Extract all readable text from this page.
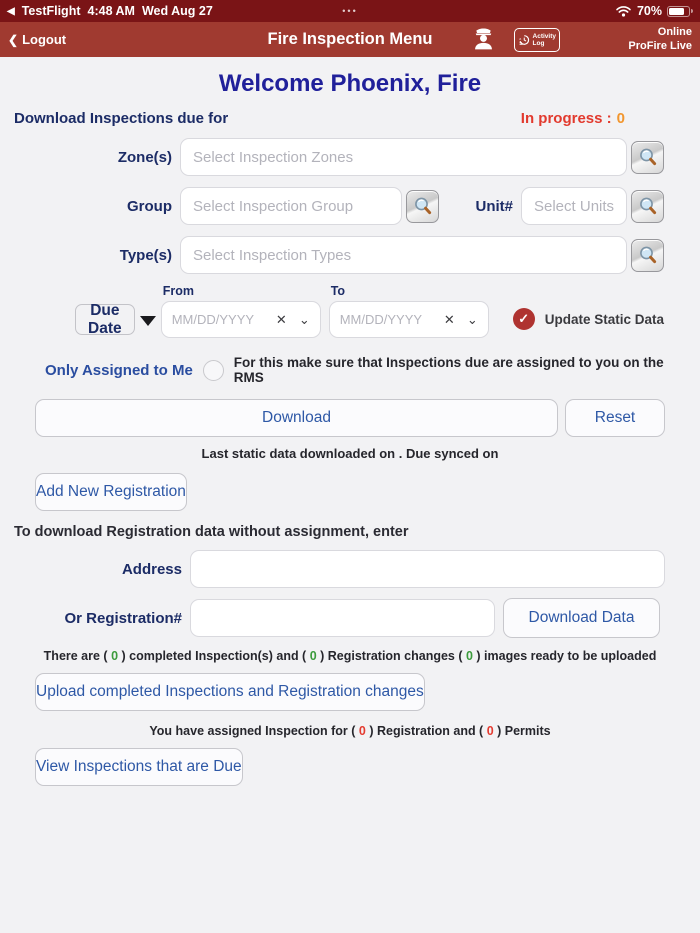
◀ TestFlight 4:48 AM Wed Aug 27	•••	70%
❮ Logout	Fire Inspection Menu	Activity
Log
Online
ProFire Live
Welcome Phoenix, Fire
Download Inspections due for	In progress : 0
Zone(s)
Select Inspection Zones
Group
Select Inspection Group	Unit#
Select Units
Type(s)
Select Inspection Types
Due Date
From
MM/DD/YYYY	✕ ⌄
To
MM/DD/YYYY	✕ ⌄	✓	Update Static Data
Only Assigned to Me	For this make sure that Inspections due are assigned to you on the RMS
Download	Reset
Last static data downloaded on . Due synced on
Add New Registration
To download Registration data without assignment, enter
Address
Or Registration#	Download Data
There are ( 0 ) completed Inspection(s) and ( 0 ) Registration changes ( 0 ) images ready to be uploaded
Upload completed Inspections and Registration changes
You have assigned Inspection for ( 0 ) Registration and ( 0 ) Permits
View Inspections that are Due
